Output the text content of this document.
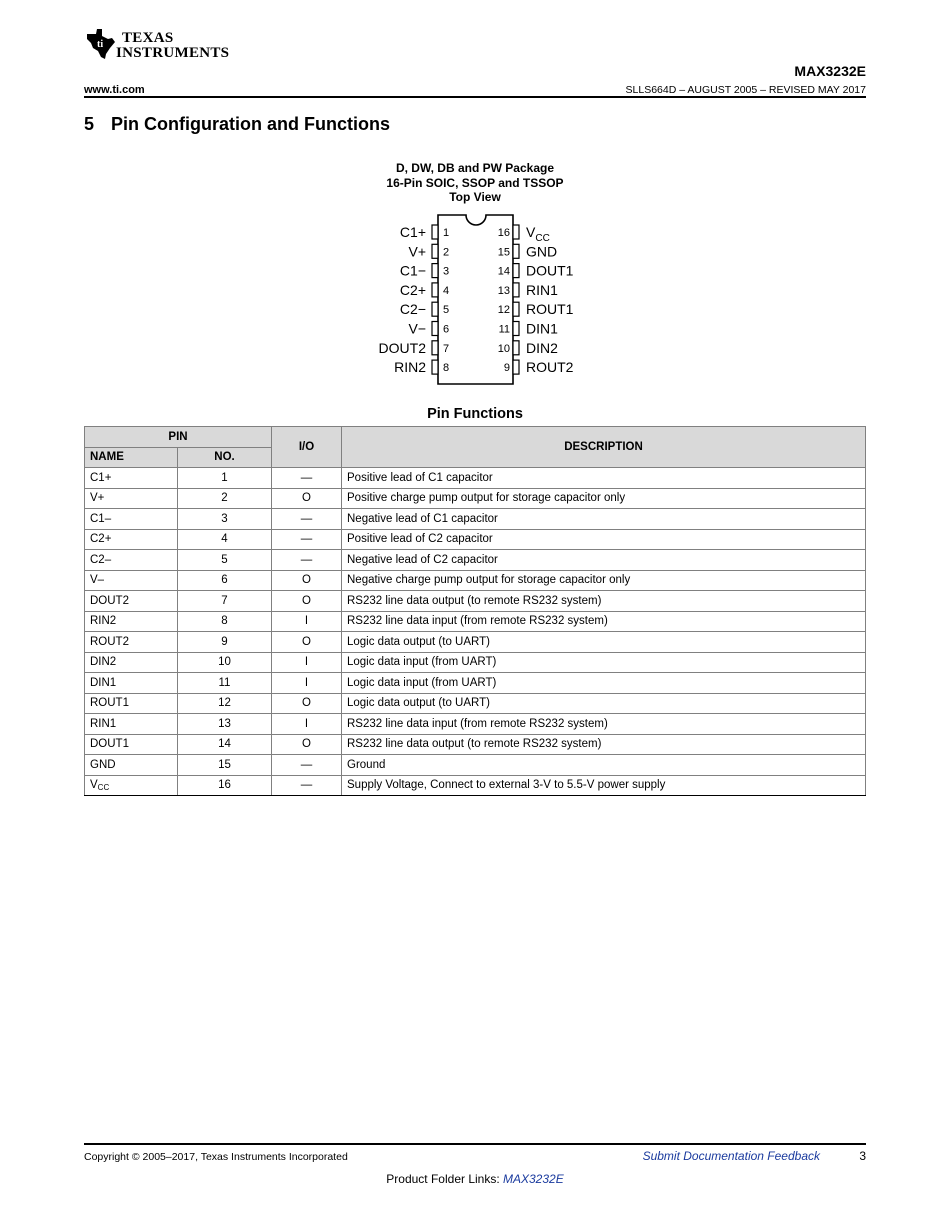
ti TEXAS
INSTRUMENTS
MAX3232E
www.ti.com	SLLS664D – AUGUST 2005 – REVISED MAY 2017
5 Pin Configuration and Functions
D, DW, DB and PW Package
16-Pin SOIC, SSOP and TSSOP
Top View
1
C1+
2
V+
3
C1−
4
C2+
5
C2−
6
V−
7
DOUT2
8
RIN2
16 $V_{CC}$
15 GND
14 DOUT1
13 RIN1
12 ROUT1
11 DIN1
10 DIN2
9 ROUT2
Pin Functions
PIN		I/O	DESCRIPTION
NAME	NO.		
C1+	1	—	Positive lead of C1 capacitor
V+	2	O	Positive charge pump output for storage capacitor only
C1–	3	—	Negative lead of C1 capacitor
C2+	4	—	Positive lead of C2 capacitor
C2–	5	—	Negative lead of C2 capacitor
V–	6	O	Negative charge pump output for storage capacitor only
DOUT2	7	O	RS232 line data output (to remote RS232 system)
RIN2	8	I	RS232 line data input (from remote RS232 system)
ROUT2	9	O	Logic data output (to UART)
DIN2	10	I	Logic data input (from UART)
DIN1	11	I	Logic data input (from UART)
ROUT1	12	O	Logic data output (to UART)
RIN1	13	I	RS232 line data input (from remote RS232 system)
DOUT1	14	O	RS232 line data output (to remote RS232 system)
GND	15	—	Ground
$V_{CC}$	16	—	Supply Voltage, Connect to external 3-V to 5.5-V power supply
Copyright © 2005–2017, Texas Instruments Incorporated	Submit Documentation Feedback	3
Product Folder Links: MAX3232E
